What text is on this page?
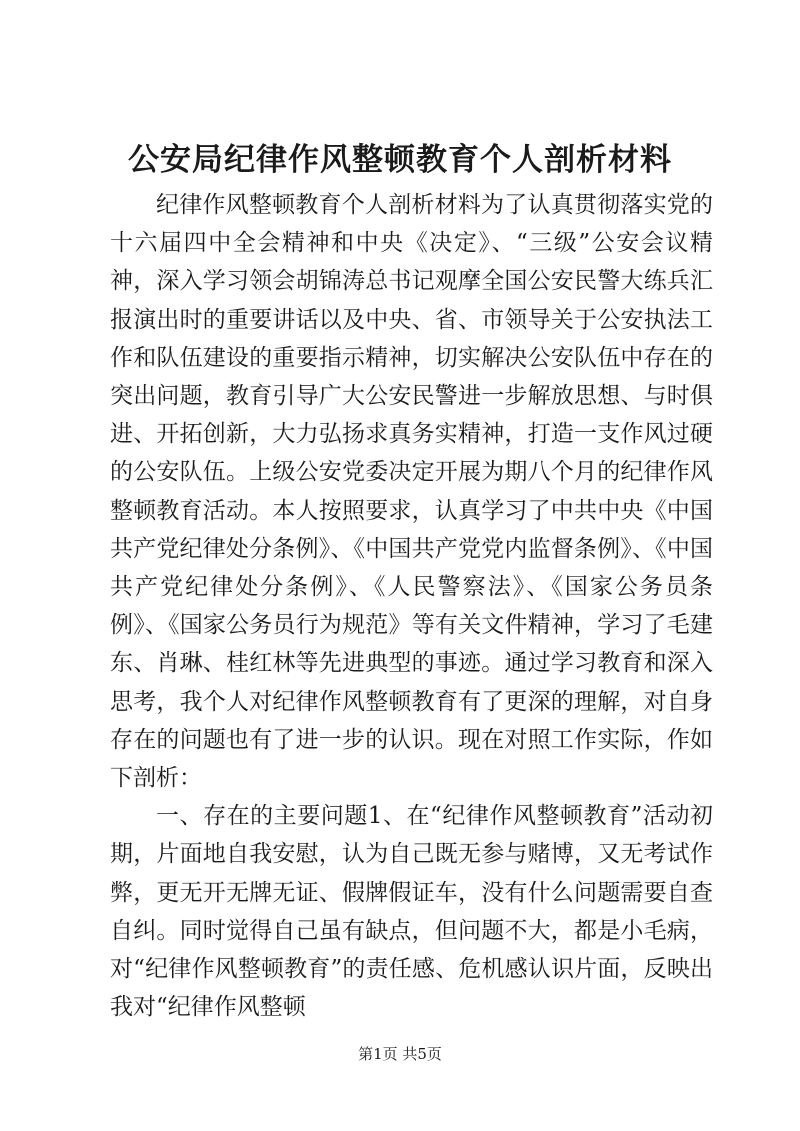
公安局纪律作风整顿教育个人剖析材料

纪律作风整顿教育个人剖析材料为了认真贯彻落实党的十六届四中全会精神和中央《决定》、“三级”公安会议精神，深入学习领会胡锦涛总书记观摩全国公安民警大练兵汇报演出时的重要讲话以及中央、省、市领导关于公安执法工作和队伍建设的重要指示精神，切实解决公安队伍中存在的突出问题，教育引导广大公安民警进一步解放思想、与时俱进、开拓创新，大力弘扬求真务实精神，打造一支作风过硬的公安队伍。上级公安党委决定开展为期八个月的纪律作风整顿教育活动。本人按照要求，认真学习了中共中央《中国共产党纪律处分条例》、《中国共产党党内监督条例》、《中国共产党纪律处分条例》、《人民警察法》、《国家公务员条例》、《国家公务员行为规范》等有关文件精神，学习了毛建东、肖琳、桂红林等先进典型的事迹。通过学习教育和深入思考，我个人对纪律作风整顿教育有了更深的理解，对自身存在的问题也有了进一步的认识。现在对照工作实际，作如下剖析：

一、存在的主要问题1、在“纪律作风整顿教育”活动初期，片面地自我安慰，认为自己既无参与赌博，又无考试作弊，更无开无牌无证、假牌假证车，没有什么问题需要自查自纠。同时觉得自己虽有缺点，但问题不大，都是小毛病，对“纪律作风整顿教育”的责任感、危机感认识片面，反映出我对“纪律作风整顿

第1页 共5页
